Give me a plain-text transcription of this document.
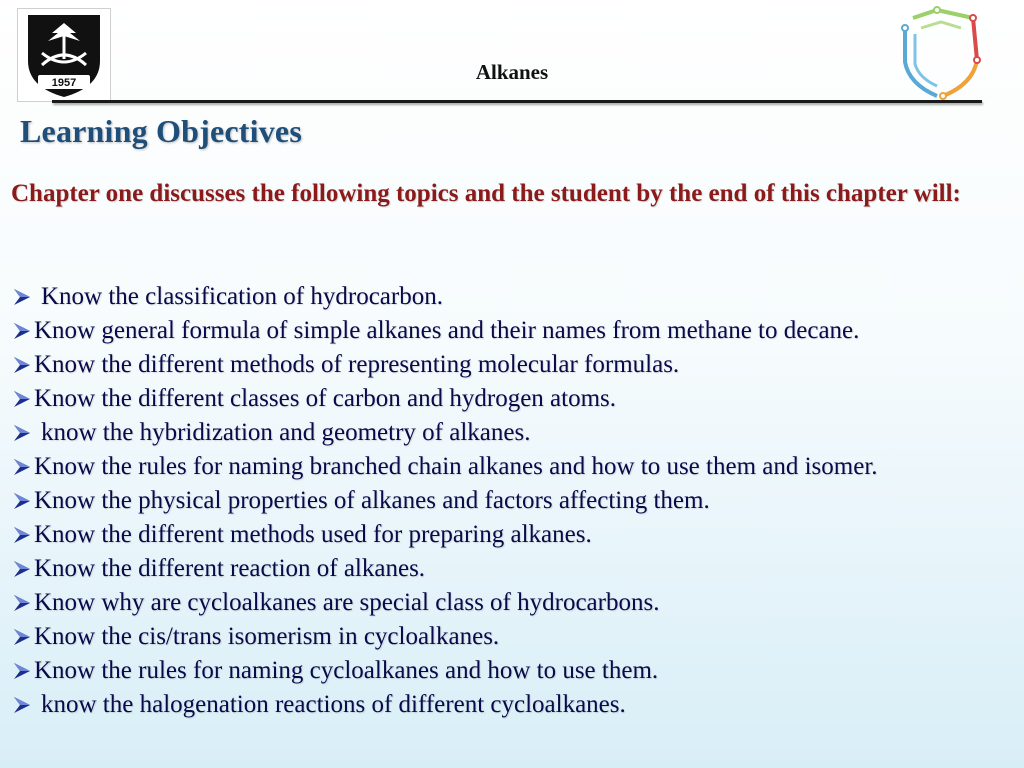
1957	Alkanes
Learning Objectives
Chapter one discusses the following topics and the student by the end of this chapter will:
Know the classification of hydrocarbon.
Know general formula of simple alkanes and their names from methane to decane.
Know the different methods of representing molecular formulas.
Know the different classes of carbon and hydrogen atoms.
know the hybridization and geometry of alkanes.
Know the rules for naming branched chain alkanes and how to use them and isomer.
Know the physical properties of alkanes and factors affecting them.
Know the different methods used for preparing alkanes.
Know the different reaction of alkanes.
Know why are cycloalkanes are special class of hydrocarbons.
Know the cis/trans isomerism in cycloalkanes.
Know the rules for naming cycloalkanes and how to use them.
know the halogenation reactions of different cycloalkanes.
